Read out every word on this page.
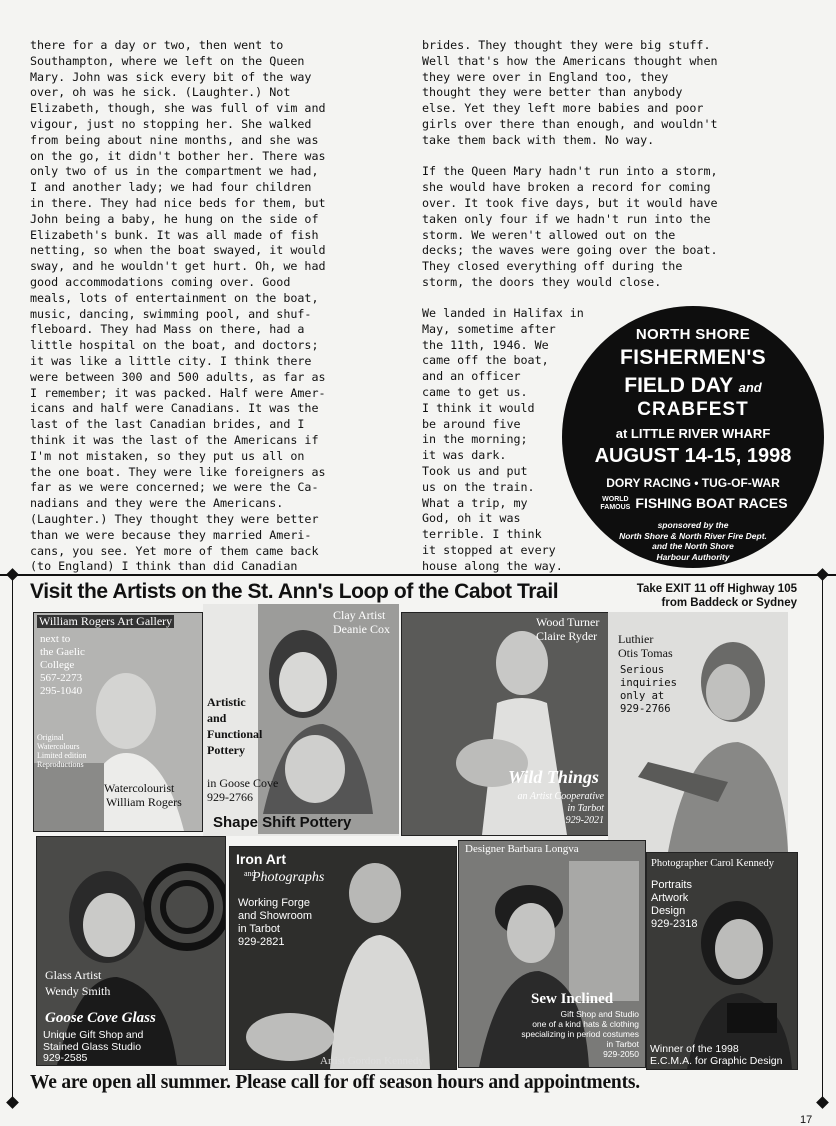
there for a day or two, then went to

Southampton, where we left on the Queen

Mary. John was sick every bit of the way

over, oh was he sick. (Laughter.) Not

Elizabeth, though, she was full of vim and

vigour, just no stopping her. She walked

from being about nine months, and she was

on the go, it didn't bother her. There was

only two of us in the compartment we had,

I and another lady; we had four children

in there. They had nice beds for them, but

John being a baby, he hung on the side of

Elizabeth's bunk. It was all made of fish

netting, so when the boat swayed, it would

sway, and he wouldn't get hurt. Oh, we had

good accommodations coming over. Good

meals, lots of entertainment on the boat,

music, dancing, swimming pool, and shuf-

fleboard. They had Mass on there, had a

little hospital on the boat, and doctors;

it was like a little city. I think there

were between 300 and 500 adults, as far as

I remember; it was packed. Half were Amer-

icans and half were Canadians. It was the

last of the last Canadian brides, and I

think it was the last of the Americans if

I'm not mistaken, so they put us all on

the one boat. They were like foreigners as

far as we were concerned; we were the Ca-

nadians and they were the Americans.

(Laughter.) They thought they were better

than we were because they married Ameri-

cans, you see. Yet more of them came back

(to England) I think than did Canadian

brides. They thought they were big stuff.

Well that's how the Americans thought when

they were over in England too, they

thought they were better than anybody

else. Yet they left more babies and poor

girls over there than enough, and wouldn't

take them back with them. No way.

If the Queen Mary hadn't run into a storm,

she would have broken a record for coming

over. It took five days, but it would have

taken only four if we hadn't run into the

storm. We weren't allowed out on the

decks; the waves were going over the boat.

They closed everything off during the

storm, the doors they would close.

We landed in Halifax in

May, sometime after

the 11th, 1946. We

came off the boat,

and an officer

came to get us.

I think it would

be around five

in the morning;

it was dark.

Took us and put

us on the train.

What a trip, my

God, oh it was

terrible. I think

it stopped at every

house along the way.

NORTH SHORE
FISHERMEN'S
FIELD DAY and
CRABFEST
at LITTLE RIVER WHARF
AUGUST 14-15, 1998
DORY RACING • TUG-OF-WAR
WORLD FAMOUS FISHING BOAT RACES
sponsored by the
North Shore & North River Fire Dept.
and the North Shore
Harbour Authority
Visit the Artists on the St. Ann's Loop of the Cabot Trail	Take EXIT 11 off Highway 105
from Baddeck or Sydney
William Rogers Art Gallery
next to
the Gaelic
College
567-2273
295-1040
Original
Watercolours
Limited edition
Reproductions
Watercolourist
William Rogers
Clay Artist
Deanie Cox
Artistic
and
Functional
Pottery
in Goose Cove
929-2766
Shape Shift Pottery
Wood Turner
Claire Ryder
Wild Things
an Artist Cooperative
in Tarbot
929-2021
Luthier
Otis Tomas
Serious
inquiries
only at
929-2766
Glass Artist
Wendy Smith
Goose Cove Glass
Unique Gift Shop and
Stained Glass Studio
929-2585
Iron Art
and
Photographs
Working Forge
and Showroom
in Tarbot
929-2821
Artist Gordon Kennedy
Designer Barbara Longva
Sew Inclined
Gift Shop and Studio
one of a kind hats & clothing
specializing in period costumes
in Tarbot
929-2050
Photographer Carol Kennedy
Portraits
Artwork
Design
929-2318
Winner of the 1998
E.C.M.A. for Graphic Design
We are open all summer. Please call for off season hours and appointments.
17
